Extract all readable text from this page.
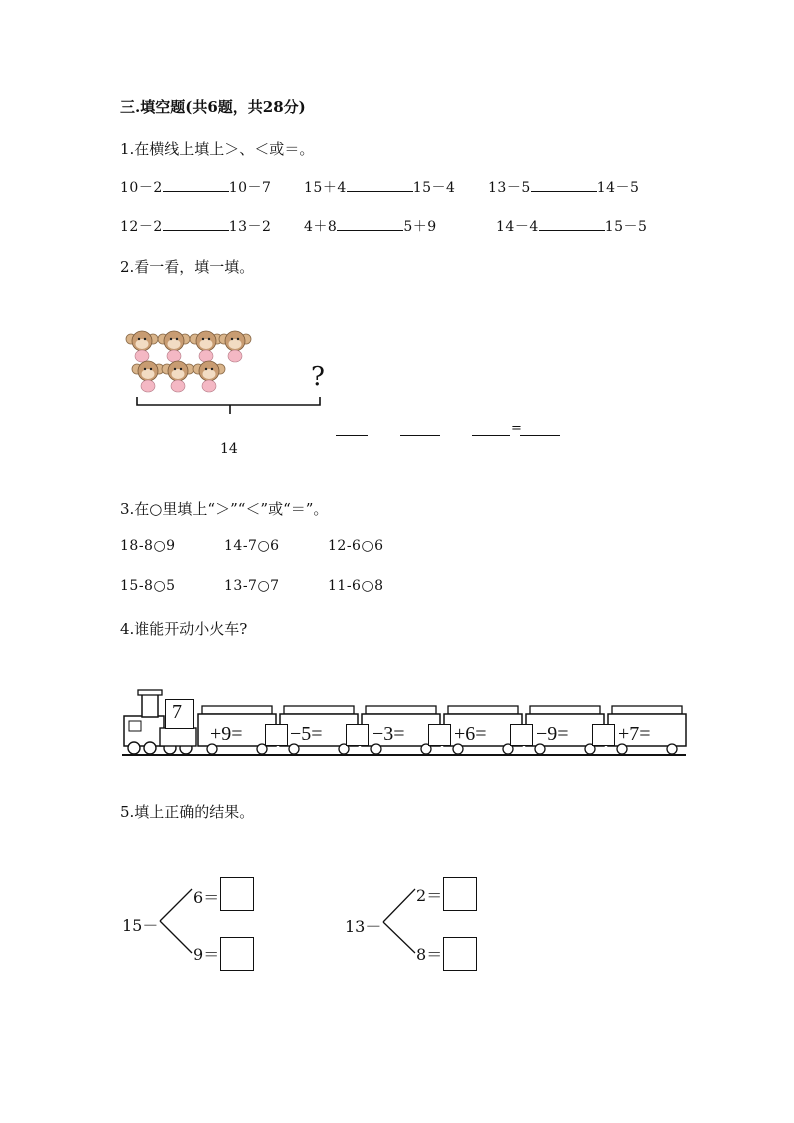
三.填空题(共6题，共28分)
1.在横线上填上＞、＜或＝。
10－2	10－7 15＋4	15－4 13－5	14－5
12－2	13－2 4＋8	5＋9	14－4	15－5
2.看一看，填一填。
?
14
=
3.在○里填上“＞”“＜”或“＝”。
18-8○9	14-7○6	12-6○6
15-8○5	13-7○7	11-6○8
4.谁能开动小火车?
7
+9= −5= −3= +6= −9= +7=
5.填上正确的结果。
15－
6＝
9＝
13－
2＝
8＝
